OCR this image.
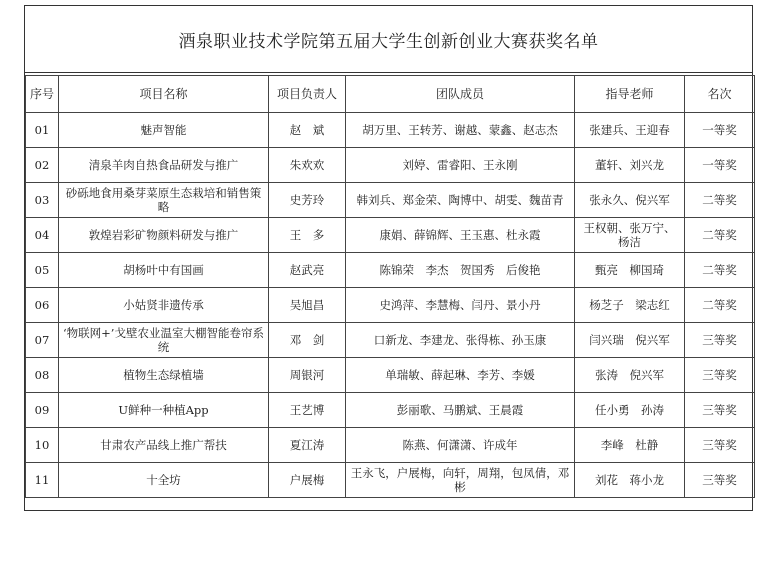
酒泉职业技术学院第五届大学生创新创业大赛获奖名单
序号	项目名称	项目负责人	团队成员	指导老师	名次
01	魅声智能	赵　斌	胡万里、王转芳、谢越、蒙鑫、赵志杰	张建兵、王迎春	一等奖
02	清泉羊肉自热食品研发与推广	朱欢欢	刘婷、雷睿阳、王永刚	董轩、刘兴龙	一等奖
03	砂砾地食用桑芽菜原生态栽培和销售策略	史芳玲	韩刘兵、郑金荣、陶博中、胡雯、魏苗青	张永久、倪兴军	二等奖
04	敦煌岩彩矿物颜料研发与推广	王　多	康娟、薛锦辉、王玉惠、杜永霞	王权朝、张万宁、杨洁	二等奖
05	胡杨叶中有国画	赵武亮	陈锦荣　李杰　贺国秀　后俊艳	甄亮　柳国琦	二等奖
06	小姑贤非遗传承	吴旭昌	史鸿萍、李慧梅、闫丹、景小丹	杨芝子　梁志红	二等奖
07	‘物联网+’戈壁农业温室大棚智能卷帘系统	邓　剑	口新龙、李建龙、张得栋、孙玉康	闫兴瑞　倪兴军	三等奖
08	植物生态绿植墙	周银河	单瑞敏、薛起琳、李芳、李媛	张涛　倪兴军	三等奖
09	U鲜种一种植App	王艺博	彭丽歌、马鹏斌、王晨霞	任小勇　孙涛	三等奖
10	甘肃农产品线上推广帮扶	夏江涛	陈燕、何潇潇、许成年	李峰　杜静	三等奖
11	十全坊	户展梅	王永飞，户展梅，向轩，周翔，包凤倩，邓彬	刘花　蒋小龙	三等奖
